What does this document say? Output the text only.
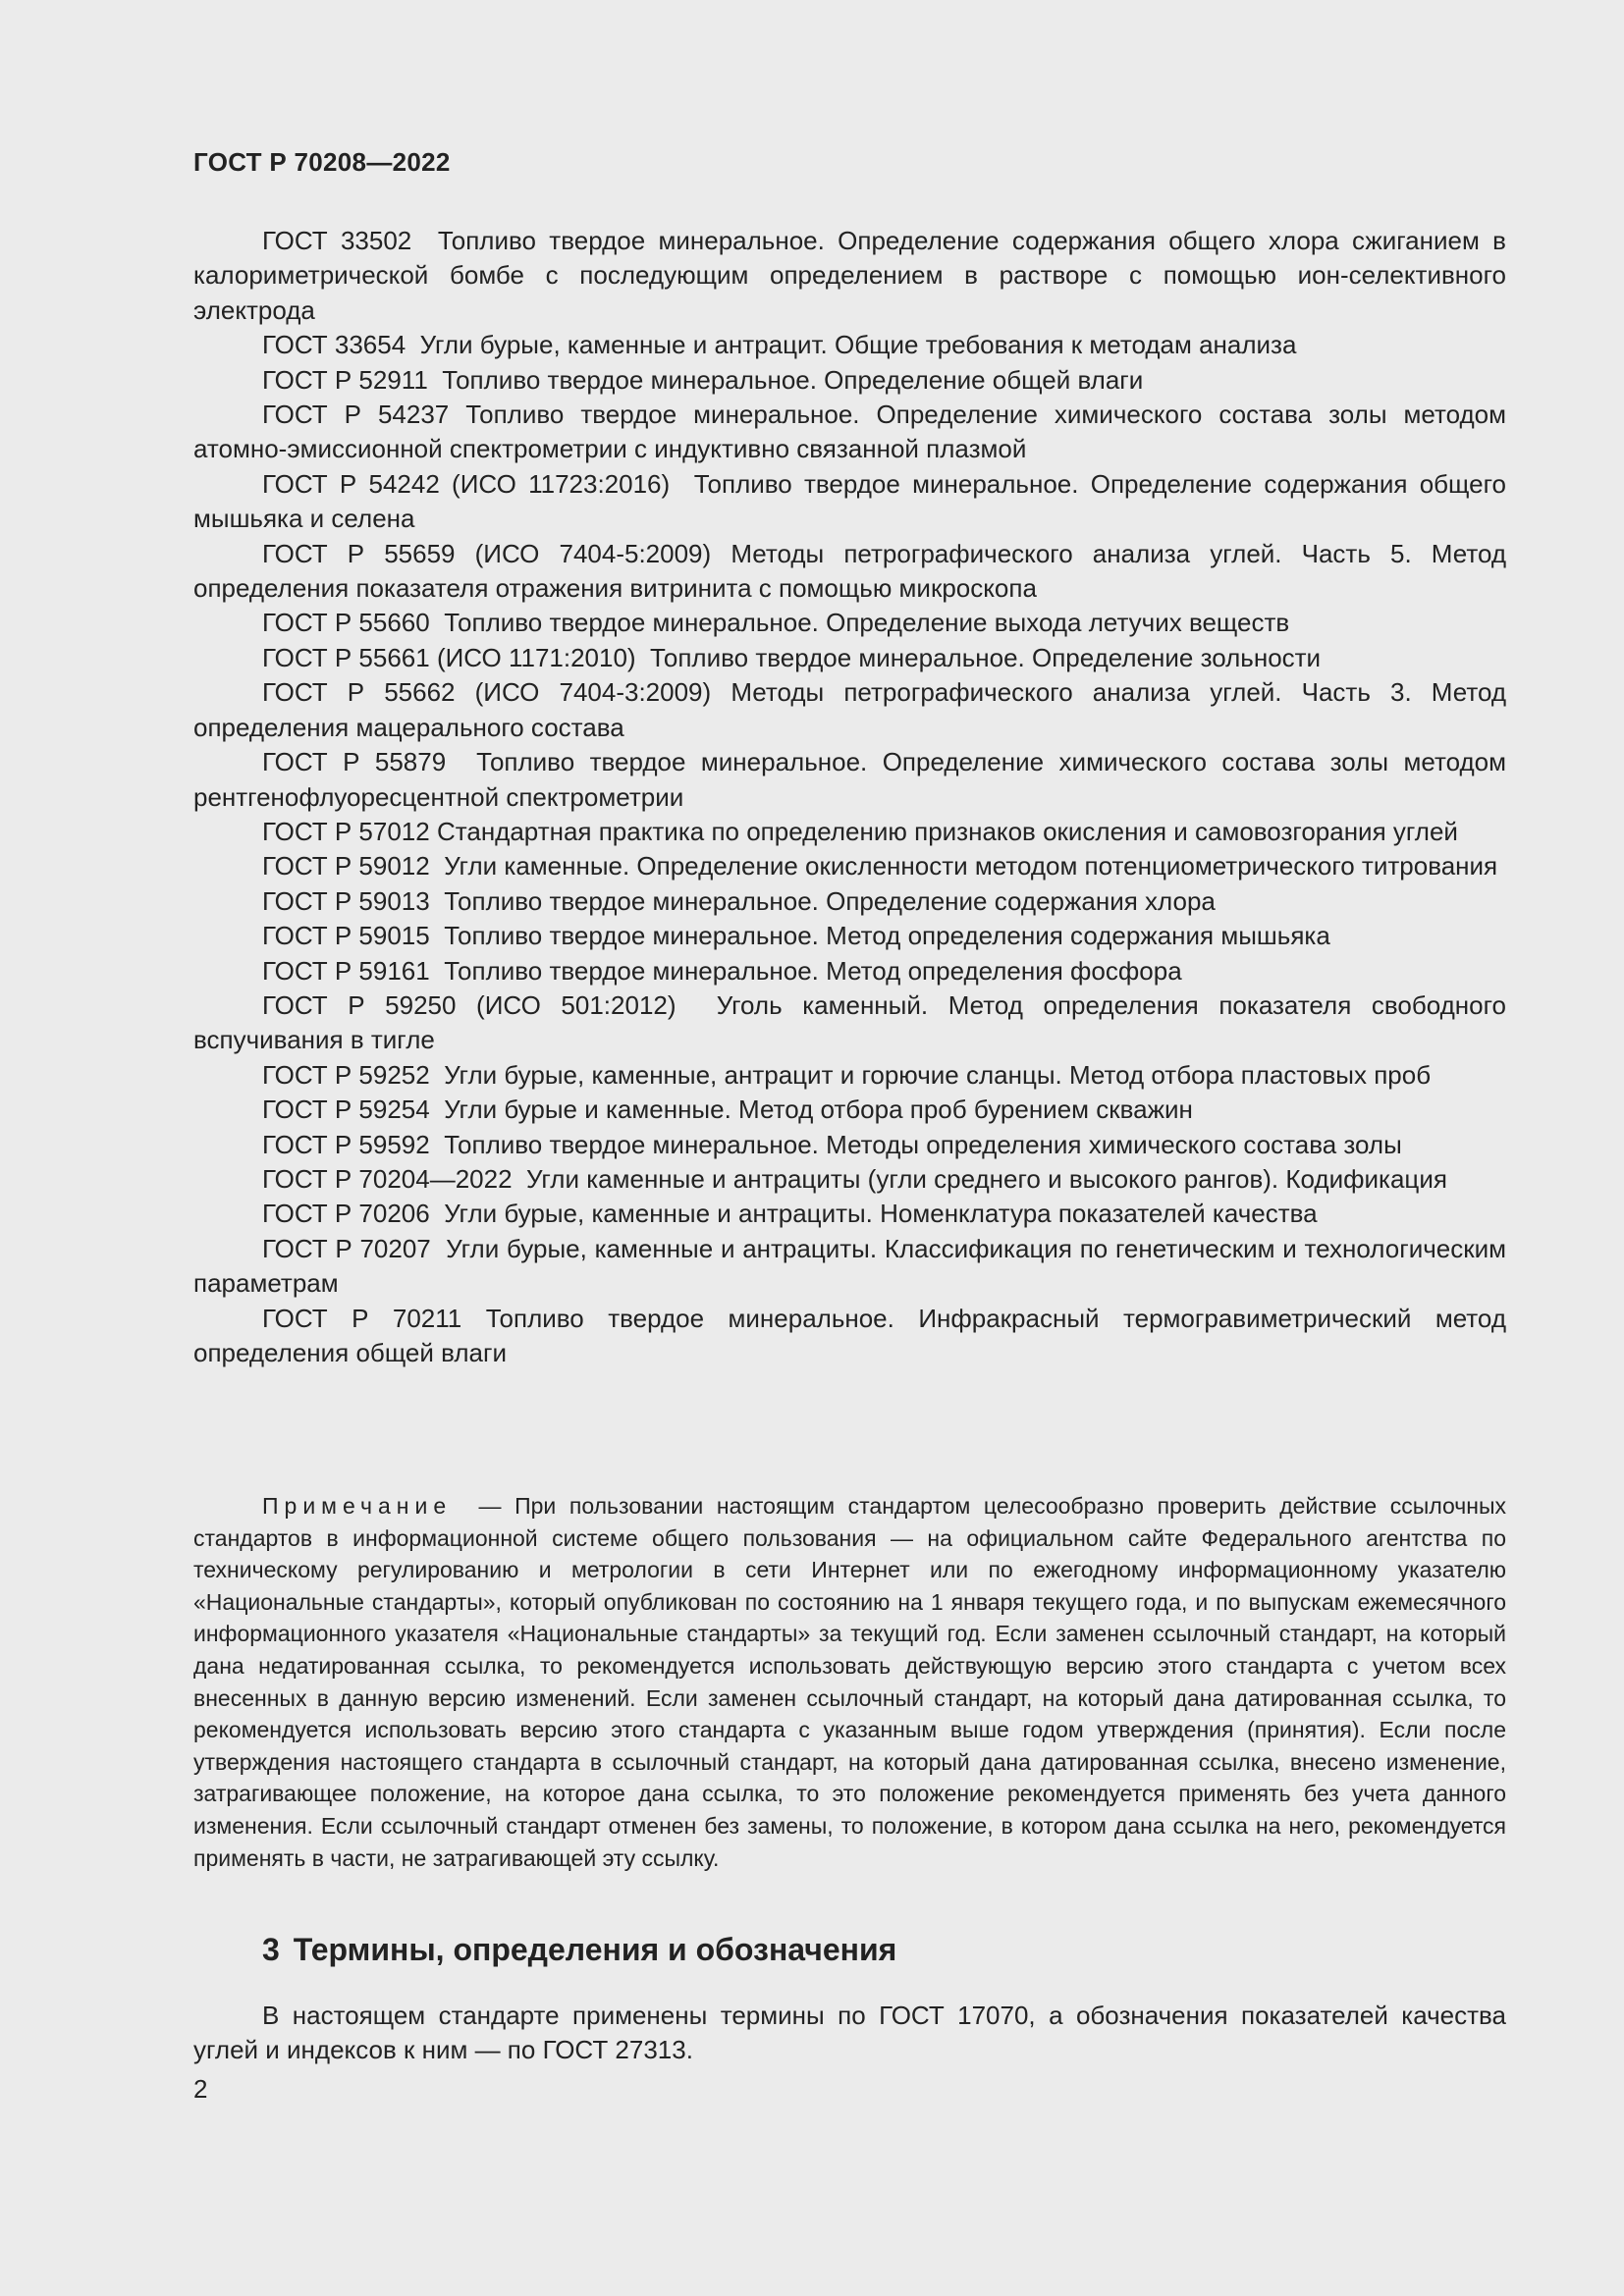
ГОСТ Р 70208—2022

ГОСТ 33502 Топливо твердое минеральное. Определение содержания общего хлора сжиганием в калориметрической бомбе с последующим определением в растворе с помощью ион-селективного электрода

ГОСТ 33654 Угли бурые, каменные и антрацит. Общие требования к методам анализа

ГОСТ Р 52911 Топливо твердое минеральное. Определение общей влаги

ГОСТ Р 54237 Топливо твердое минеральное. Определение химического состава золы методом атомно-эмиссионной спектрометрии с индуктивно связанной плазмой

ГОСТ Р 54242 (ИСО 11723:2016) Топливо твердое минеральное. Определение содержания общего мышьяка и селена

ГОСТ Р 55659 (ИСО 7404-5:2009) Методы петрографического анализа углей. Часть 5. Метод определения показателя отражения витринита с помощью микроскопа

ГОСТ Р 55660 Топливо твердое минеральное. Определение выхода летучих веществ

ГОСТ Р 55661 (ИСО 1171:2010) Топливо твердое минеральное. Определение зольности

ГОСТ Р 55662 (ИСО 7404-3:2009) Методы петрографического анализа углей. Часть 3. Метод определения мацерального состава

ГОСТ Р 55879 Топливо твердое минеральное. Определение химического состава золы методом рентгенофлуоресцентной спектрометрии

ГОСТ Р 57012 Стандартная практика по определению признаков окисления и самовозгорания углей

ГОСТ Р 59012 Угли каменные. Определение окисленности методом потенциометрического титрования

ГОСТ Р 59013 Топливо твердое минеральное. Определение содержания хлора

ГОСТ Р 59015 Топливо твердое минеральное. Метод определения содержания мышьяка

ГОСТ Р 59161 Топливо твердое минеральное. Метод определения фосфора

ГОСТ Р 59250 (ИСО 501:2012) Уголь каменный. Метод определения показателя свободного вспучивания в тигле

ГОСТ Р 59252 Угли бурые, каменные, антрацит и горючие сланцы. Метод отбора пластовых проб

ГОСТ Р 59254 Угли бурые и каменные. Метод отбора проб бурением скважин

ГОСТ Р 59592 Топливо твердое минеральное. Методы определения химического состава золы

ГОСТ Р 70204—2022 Угли каменные и антрациты (угли среднего и высокого рангов). Кодификация

ГОСТ Р 70206 Угли бурые, каменные и антрациты. Номенклатура показателей качества

ГОСТ Р 70207 Угли бурые, каменные и антрациты. Классификация по генетическим и технологическим параметрам

ГОСТ Р 70211 Топливо твердое минеральное. Инфракрасный термогравиметрический метод определения общей влаги

Примечание — При пользовании настоящим стандартом целесообразно проверить действие ссылочных стандартов в информационной системе общего пользования — на официальном сайте Федерального агентства по техническому регулированию и метрологии в сети Интернет или по ежегодному информационному указателю «Национальные стандарты», который опубликован по состоянию на 1 января текущего года, и по выпускам ежемесячного информационного указателя «Национальные стандарты» за текущий год. Если заменен ссылочный стандарт, на который дана недатированная ссылка, то рекомендуется использовать действующую версию этого стандарта с учетом всех внесенных в данную версию изменений. Если заменен ссылочный стандарт, на который дана датированная ссылка, то рекомендуется использовать версию этого стандарта с указанным выше годом утверждения (принятия). Если после утверждения настоящего стандарта в ссылочный стандарт, на который дана датированная ссылка, внесено изменение, затрагивающее положение, на которое дана ссылка, то это положение рекомендуется применять без учета данного изменения. Если ссылочный стандарт отменен без замены, то положение, в котором дана ссылка на него, рекомендуется применять в части, не затрагивающей эту ссылку.

3 Термины, определения и обозначения

В настоящем стандарте применены термины по ГОСТ 17070, а обозначения показателей качества углей и индексов к ним — по ГОСТ 27313.

2
